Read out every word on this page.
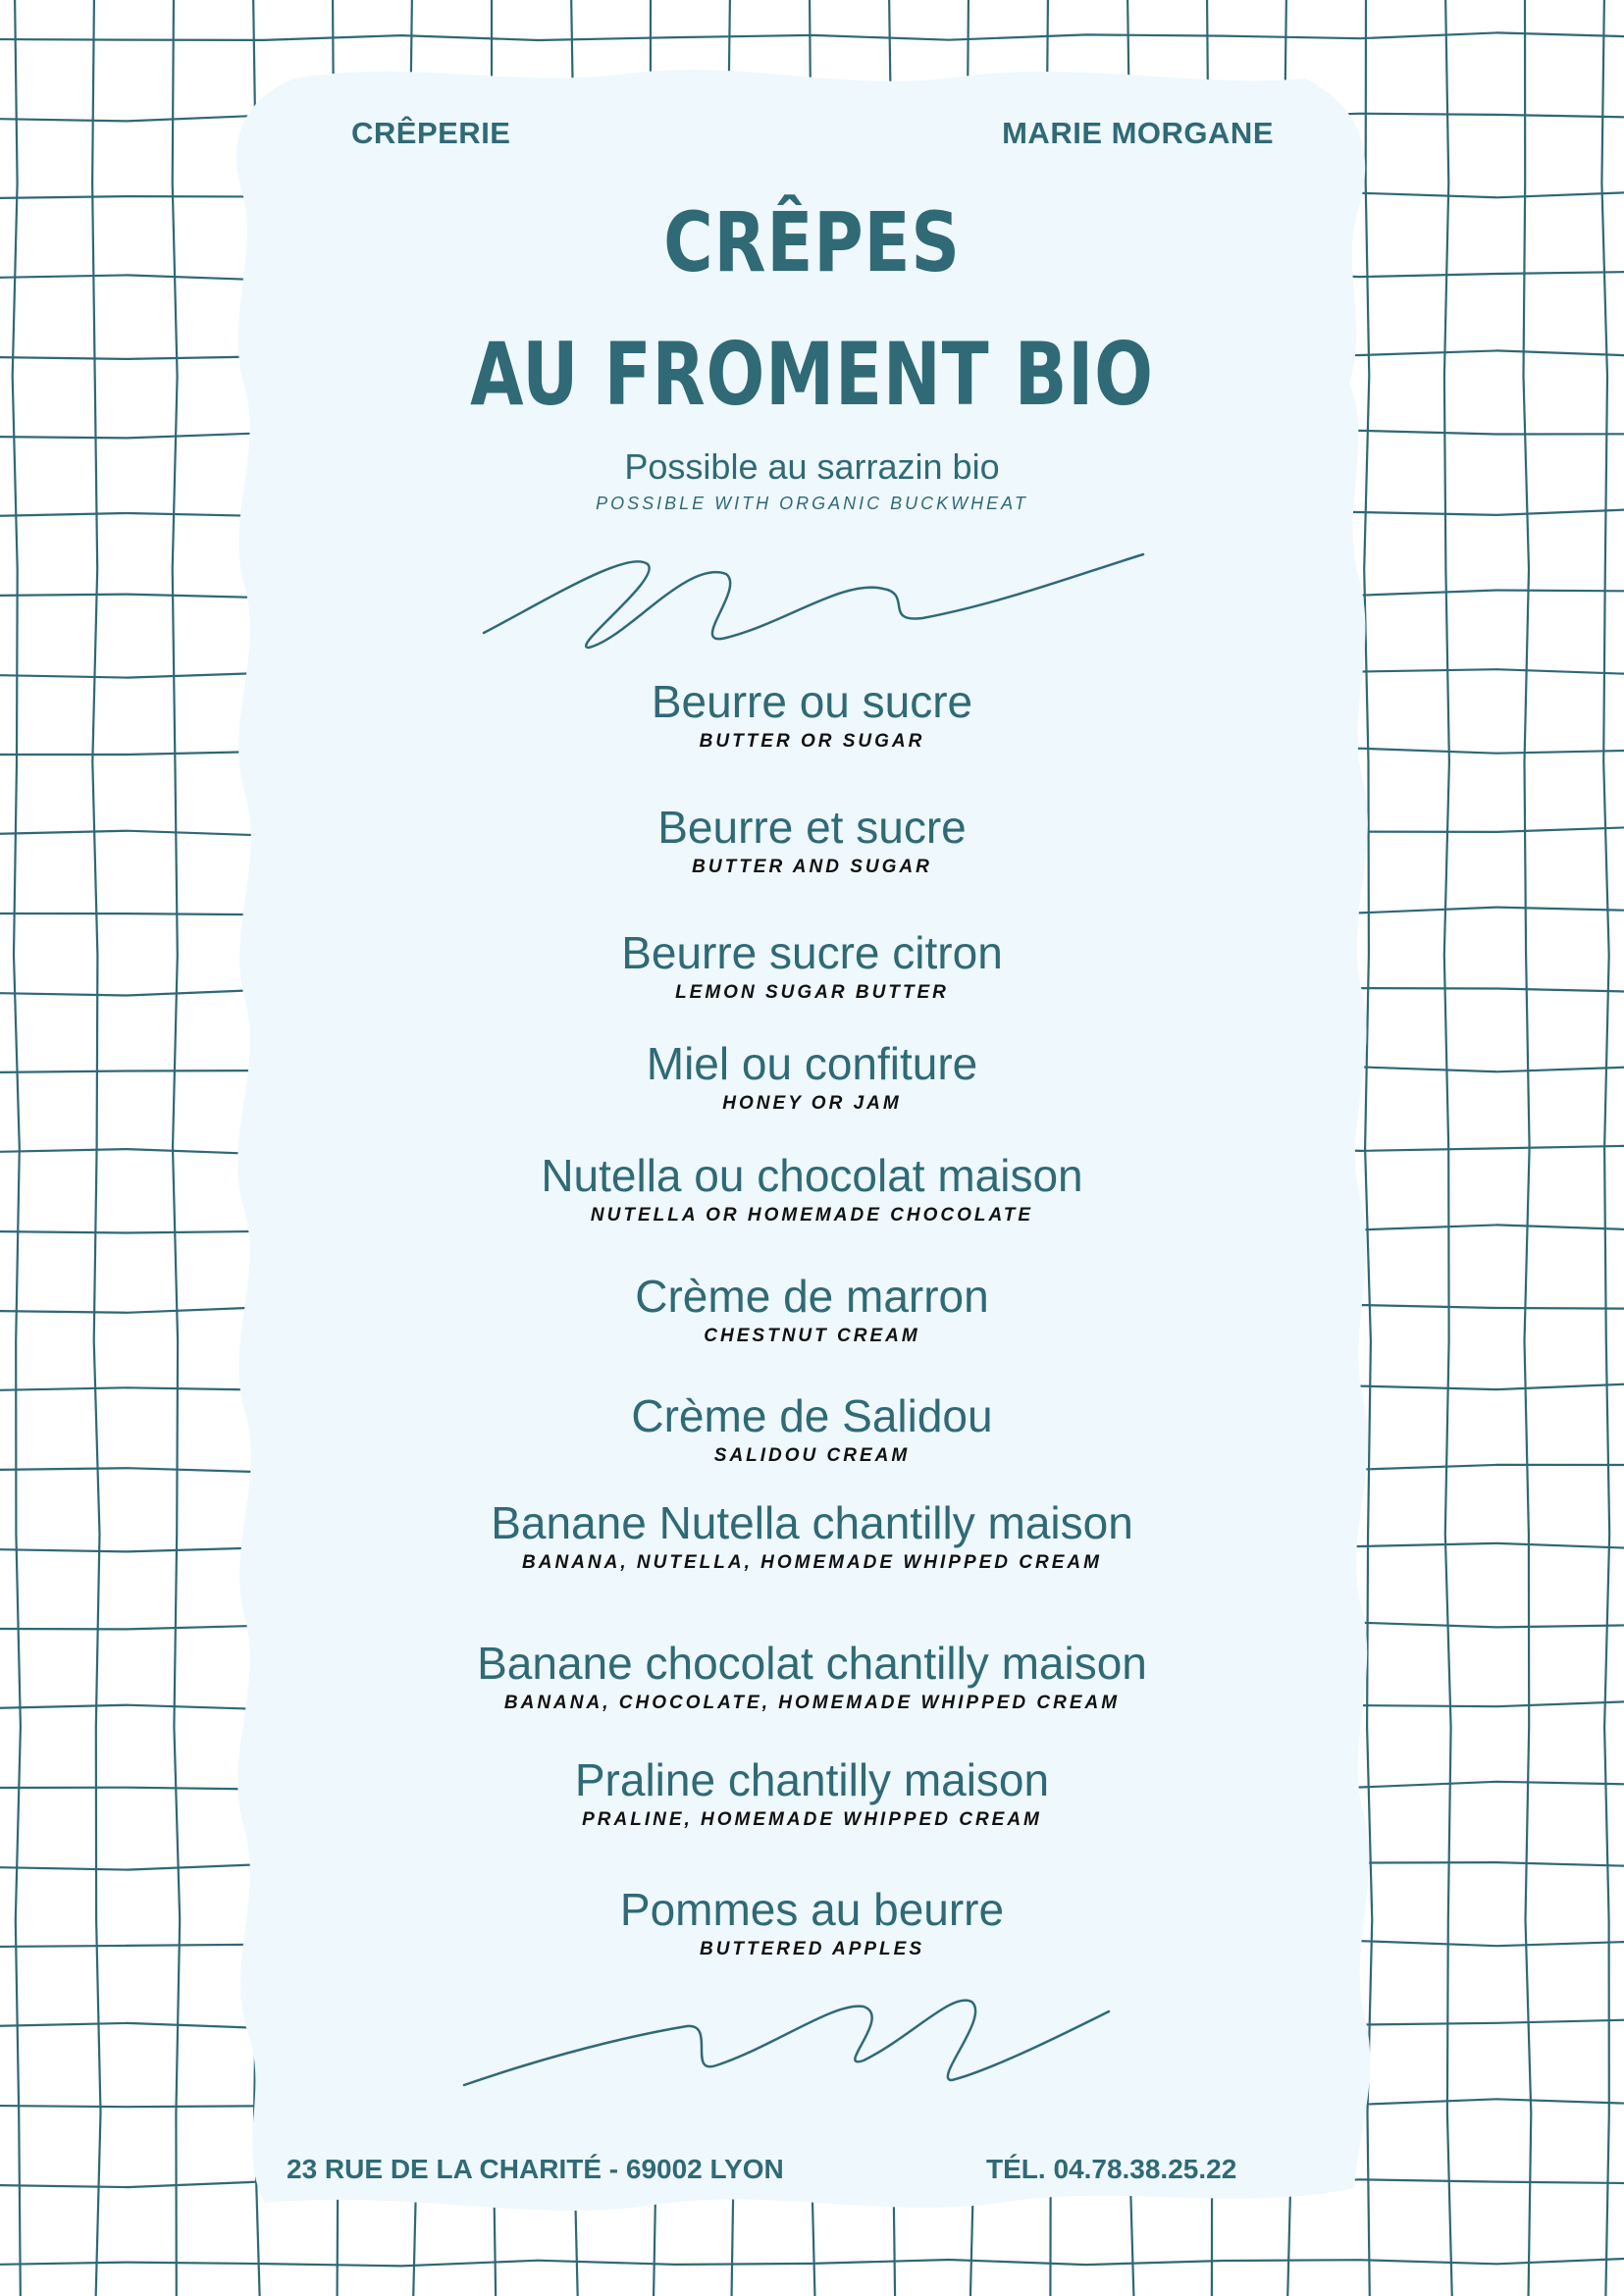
CRÊPERIE	MARIE MORGANE
CRÊPES
AU FROMENT BIO
Possible au sarrazin bio
POSSIBLE WITH ORGANIC BUCKWHEAT
Beurre ou sucre
BUTTER OR SUGAR
Beurre et sucre
BUTTER AND SUGAR
Beurre sucre citron
LEMON SUGAR BUTTER
Miel ou confiture
HONEY OR JAM
Nutella ou chocolat maison
NUTELLA OR HOMEMADE CHOCOLATE
Crème de marron
CHESTNUT CREAM
Crème de Salidou
SALIDOU CREAM
Banane Nutella chantilly maison
BANANA, NUTELLA, HOMEMADE WHIPPED CREAM
Banane chocolat chantilly maison
BANANA, CHOCOLATE, HOMEMADE WHIPPED CREAM
Praline chantilly maison
PRALINE, HOMEMADE WHIPPED CREAM
Pommes au beurre
BUTTERED APPLES
23 RUE DE LA CHARITÉ - 69002 LYON	TÉL. 04.78.38.25.22
